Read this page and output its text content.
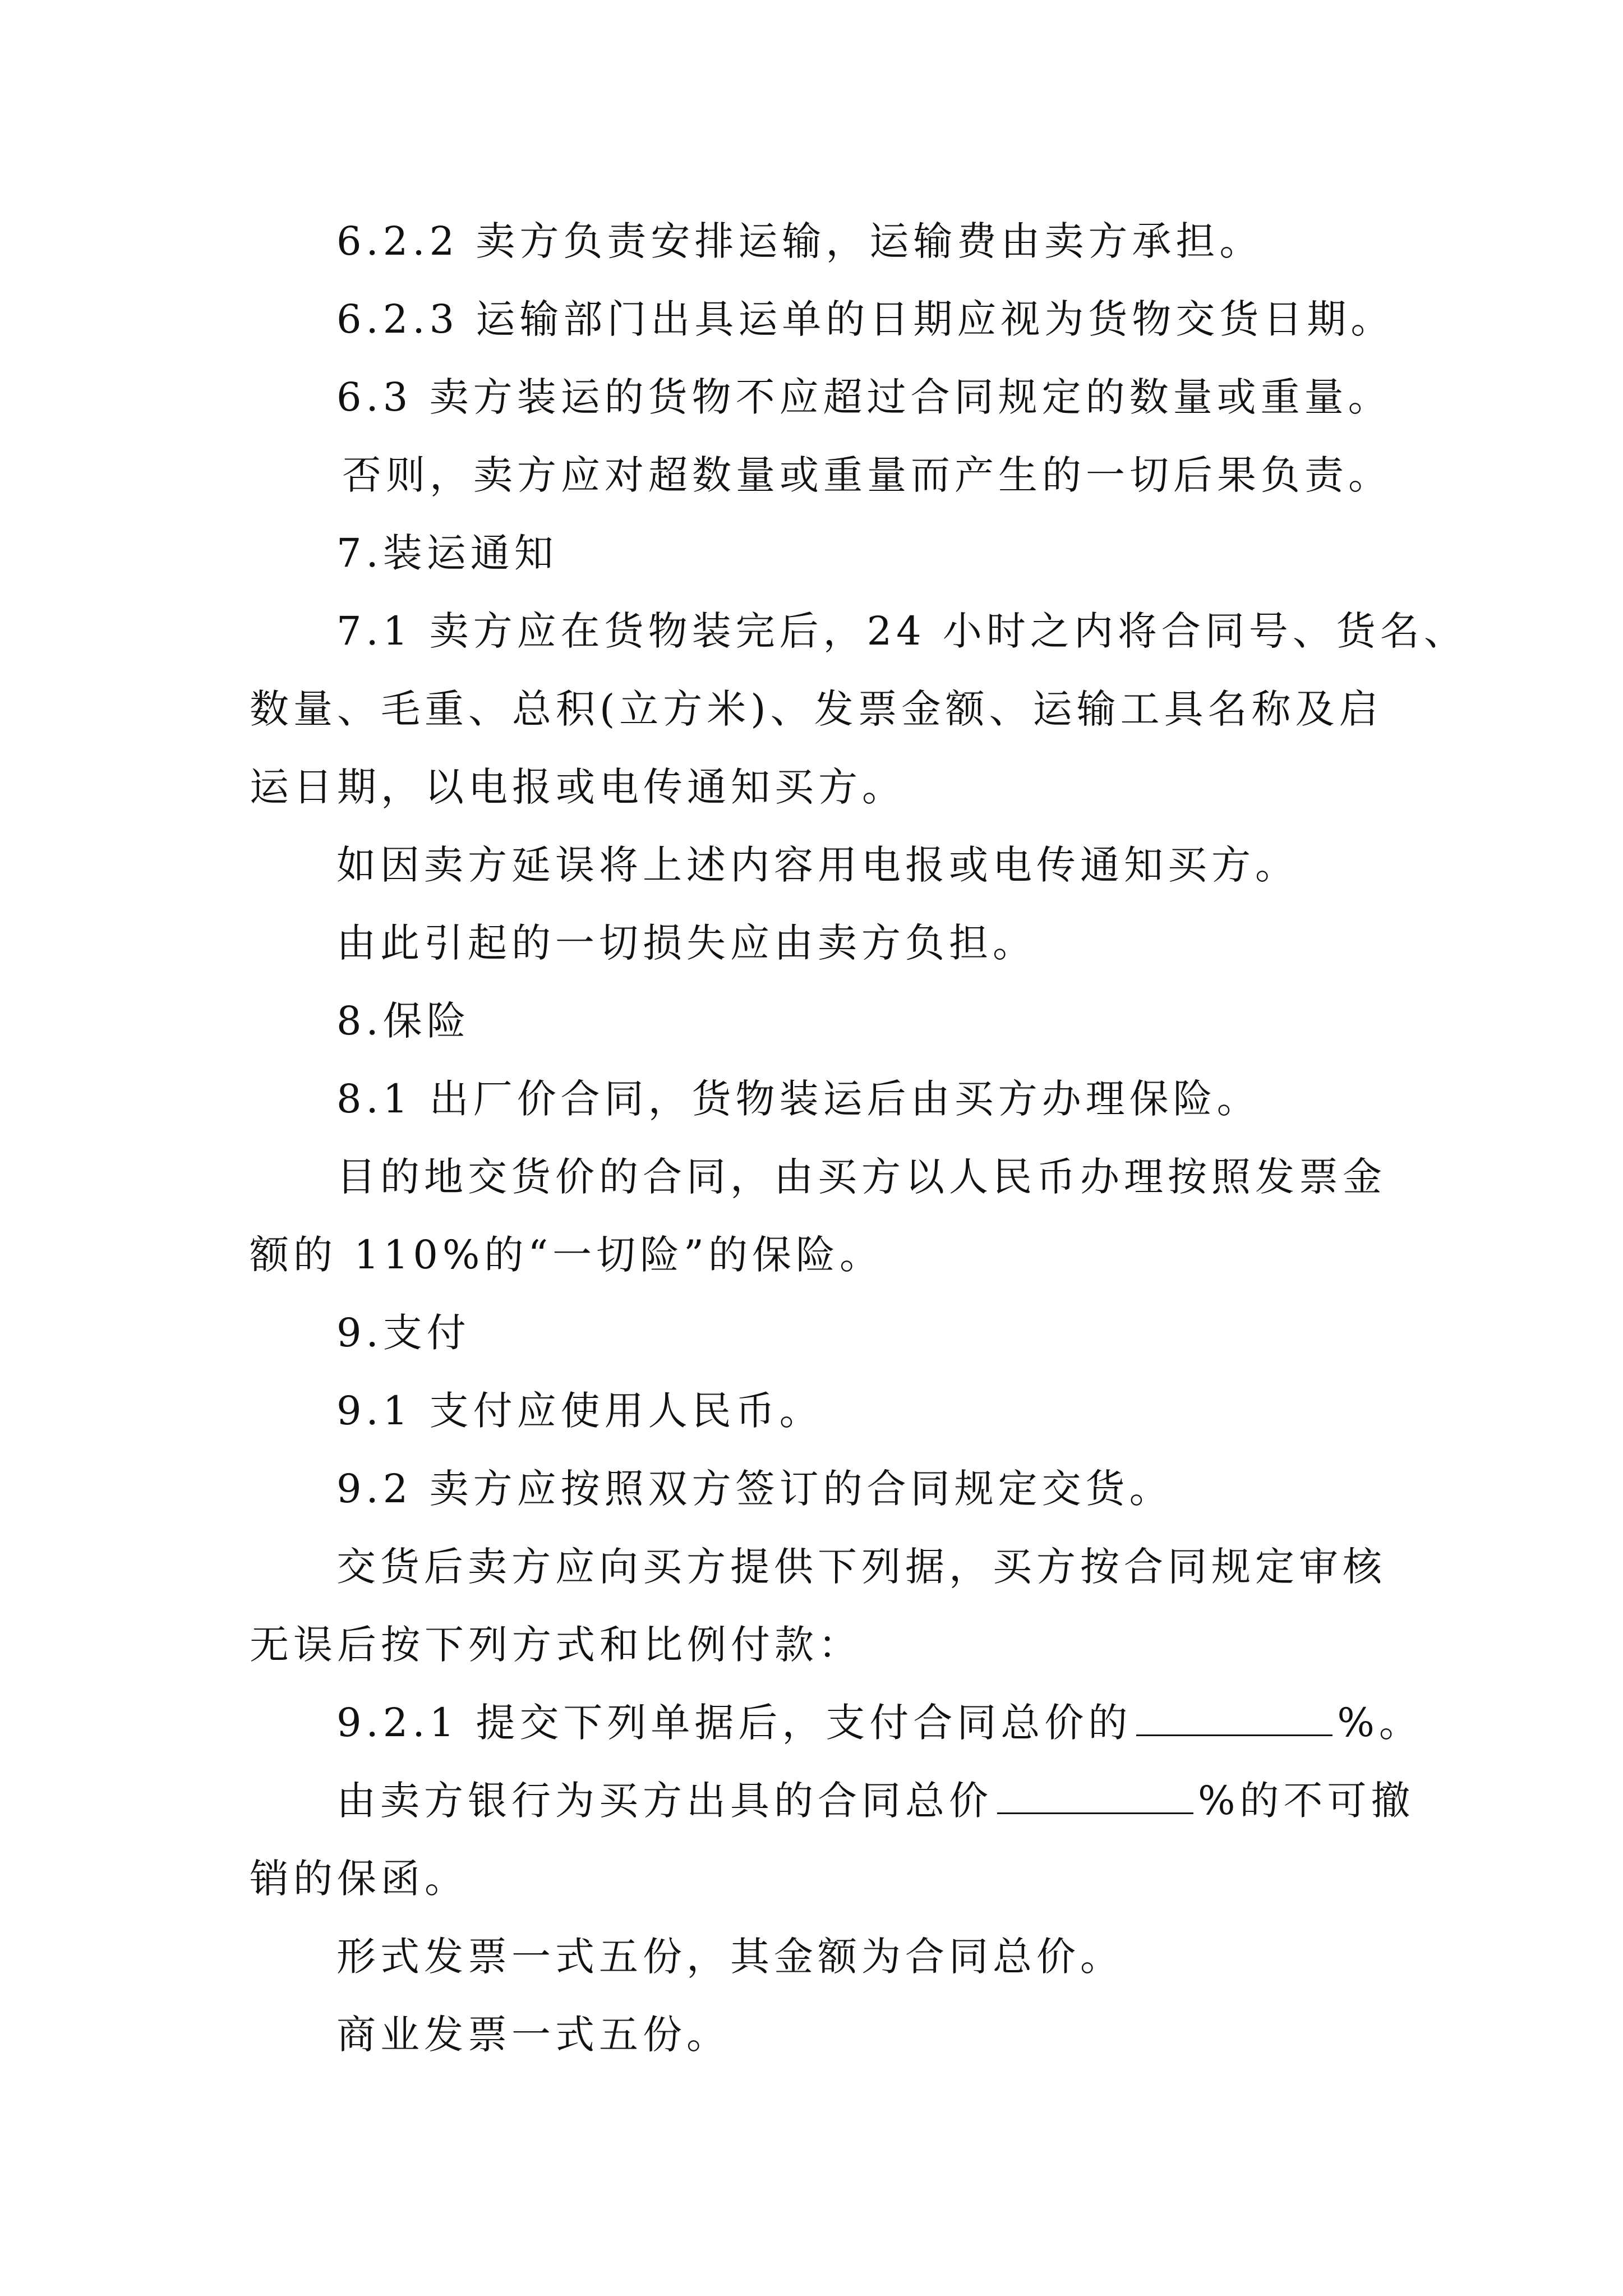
6.2.2 卖方负责安排运输，运输费由卖方承担。
6.2.3 运输部门出具运单的日期应视为货物交货日期。
6.3 卖方装运的货物不应超过合同规定的数量或重量。
否则，卖方应对超数量或重量而产生的一切后果负责。
7.装运通知
7.1 卖方应在货物装完后，24 小时之内将合同号、货名、
数量、毛重、总积(立方米)、发票金额、运输工具名称及启
运日期，以电报或电传通知买方。
如因卖方延误将上述内容用电报或电传通知买方。
由此引起的一切损失应由卖方负担。
8.保险
8.1 出厂价合同，货物装运后由买方办理保险。
目的地交货价的合同，由买方以人民币办理按照发票金
额的 110%的“一切险”的保险。
9.支付
9.1 支付应使用人民币。
9.2 卖方应按照双方签订的合同规定交货。
交货后卖方应向买方提供下列据，买方按合同规定审核
无误后按下列方式和比例付款：
9.2.1 提交下列单据后，支付合同总价的	%。
由卖方银行为买方出具的合同总价	%的不可撤
销的保函。
形式发票一式五份，其金额为合同总价。
商业发票一式五份。
